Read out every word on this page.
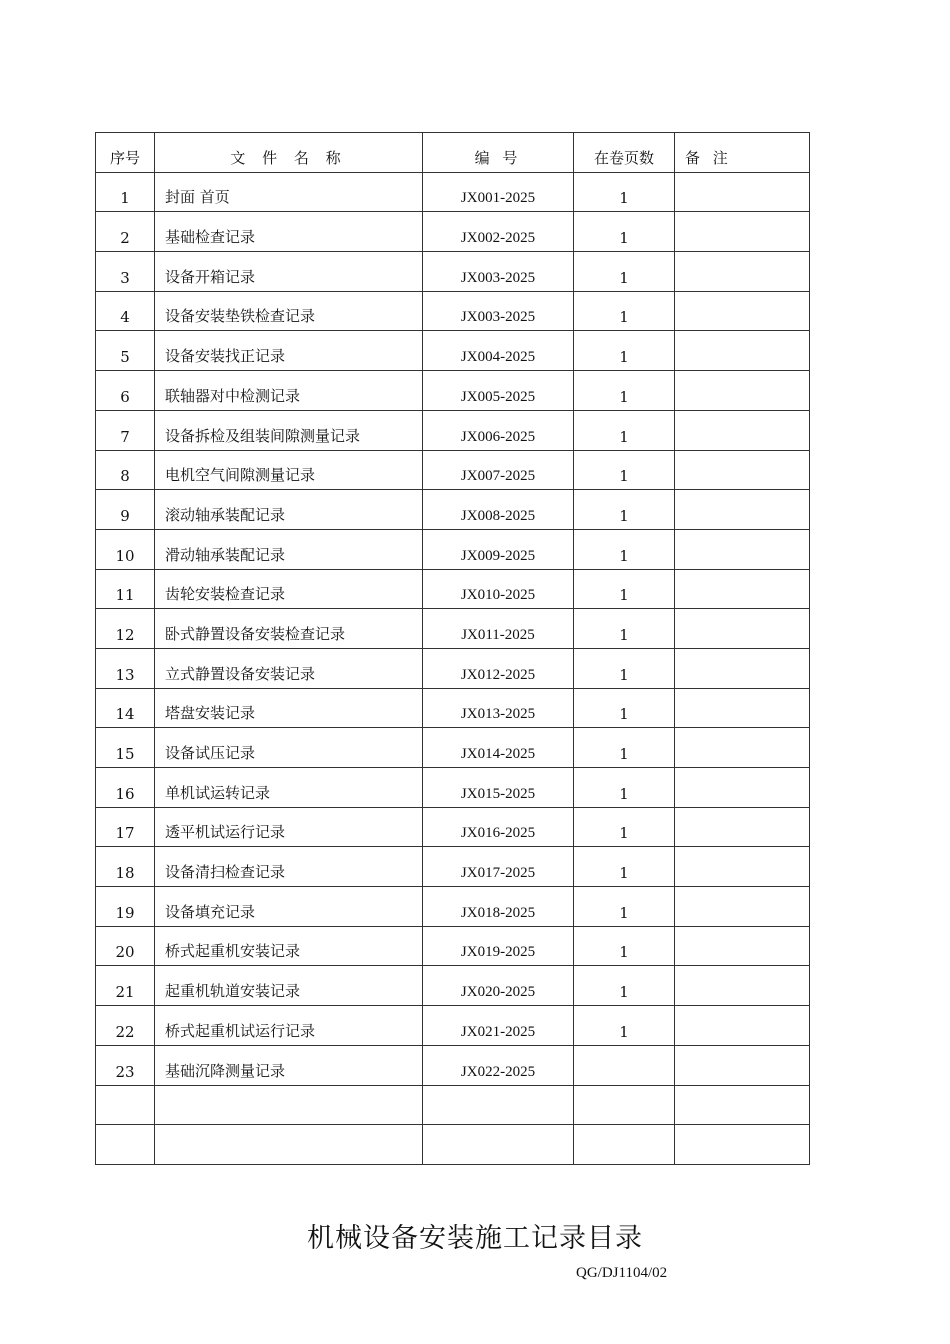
序号	文 件 名 称	编 号	在卷页数	备 注
1	封面 首页	JX001-2025	1	
2	基础检查记录	JX002-2025	1	
3	设备开箱记录	JX003-2025	1	
4	设备安装垫铁检查记录	JX003-2025	1	
5	设备安装找正记录	JX004-2025	1	
6	联轴器对中检测记录	JX005-2025	1	
7	设备拆检及组装间隙测量记录	JX006-2025	1	
8	电机空气间隙测量记录	JX007-2025	1	
9	滚动轴承装配记录	JX008-2025	1	
10	滑动轴承装配记录	JX009-2025	1	
11	齿轮安装检查记录	JX010-2025	1	
12	卧式静置设备安装检查记录	JX011-2025	1	
13	立式静置设备安装记录	JX012-2025	1	
14	塔盘安装记录	JX013-2025	1	
15	设备试压记录	JX014-2025	1	
16	单机试运转记录	JX015-2025	1	
17	透平机试运行记录	JX016-2025	1	
18	设备清扫检查记录	JX017-2025	1	
19	设备填充记录	JX018-2025	1	
20	桥式起重机安装记录	JX019-2025	1	
21	起重机轨道安装记录	JX020-2025	1	
22	桥式起重机试运行记录	JX021-2025	1	
23	基础沉降测量记录	JX022-2025		

机械设备安装施工记录目录
QG/DJ1104/02
